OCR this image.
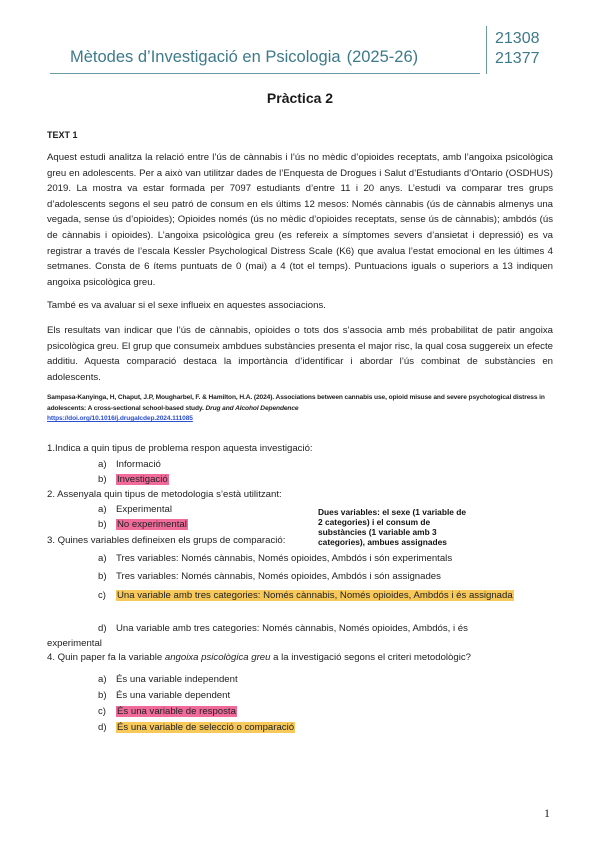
Mètodes d’Investigació en Psicologia (2025-26)
21308
21377
Pràctica 2
TEXT 1
Aquest estudi analitza la relació entre l’ús de cànnabis i l’ús no mèdic d’opioides receptats, amb l’angoixa psicològica greu en adolescents. Per a això van utilitzar dades de l’Enquesta de Drogues i Salut d’Estudiants d’Ontario (OSDHUS) 2019. La mostra va estar formada per 7097 estudiants d’entre 11 i 20 anys. L’estudi va comparar tres grups d’adolescents segons el seu patró de consum en els últims 12 mesos: Només cànnabis (ús de cànnabis almenys una vegada, sense ús d’opioides); Opioides només (ús no mèdic d’opioides receptats, sense ús de cànnabis); ambdós (ús de cànnabis i opioides). L’angoixa psicològica greu (es refereix a símptomes severs d’ansietat i depressió) es va registrar a través de l’escala Kessler Psychological Distress Scale (K6) que avalua l’estat emocional en les últimes 4 setmanes. Consta de 6 ítems puntuats de 0 (mai) a 4 (tot el temps). Puntuacions iguals o superiors a 13 indiquen angoixa psicològica greu.
També es va avaluar si el sexe influeix en aquestes associacions.
Els resultats van indicar que l’ús de cànnabis, opioides o tots dos s’associa amb més probabilitat de patir angoixa psicològica greu. El grup que consumeix ambdues substàncies presenta el major risc, la qual cosa suggereix un efecte additiu. Aquesta comparació destaca la importància d’identificar i abordar l’ús combinat de substàncies en adolescents.
Sampasa-Kanyinga, H, Chaput, J.P, Mougharbel, F. & Hamilton, H.A. (2024). Associations between cannabis use, opioid misuse and severe psychological distress in adolescents: A cross-sectional school-based study. Drug and Alcohol Dependence
https://doi.org/10.1016/j.drugalcdep.2024.111085
1.Indica a quin tipus de problema respon aquesta investigació:
a) Informació
b) Investigació
2. Assenyala quin tipus de metodologia s’està utilitzant:
a) Experimental
b) No experimental
Dues variables: el sexe (1 variable de 2 categories) i el consum de substàncies (1 variable amb 3 categories), ambues assignades
3. Quines variables defineixen els grups de comparació:
a) Tres variables: Només cànnabis, Només opioides, Ambdós i són experimentals
b) Tres variables: Només cànnabis, Només opioides, Ambdós i són assignades
c) Una variable amb tres categories: Només cànnabis, Només opioides, Ambdós i és assignada
d) Una variable amb tres categories: Només cànnabis, Només opioides, Ambdós, i és experimental
4. Quin paper fa la variable angoixa psicològica greu a la investigació segons el criteri metodològic?
a) És una variable independent
b) És una variable dependent
c) És una variable de resposta
d) És una variable de selecció o comparació
1
